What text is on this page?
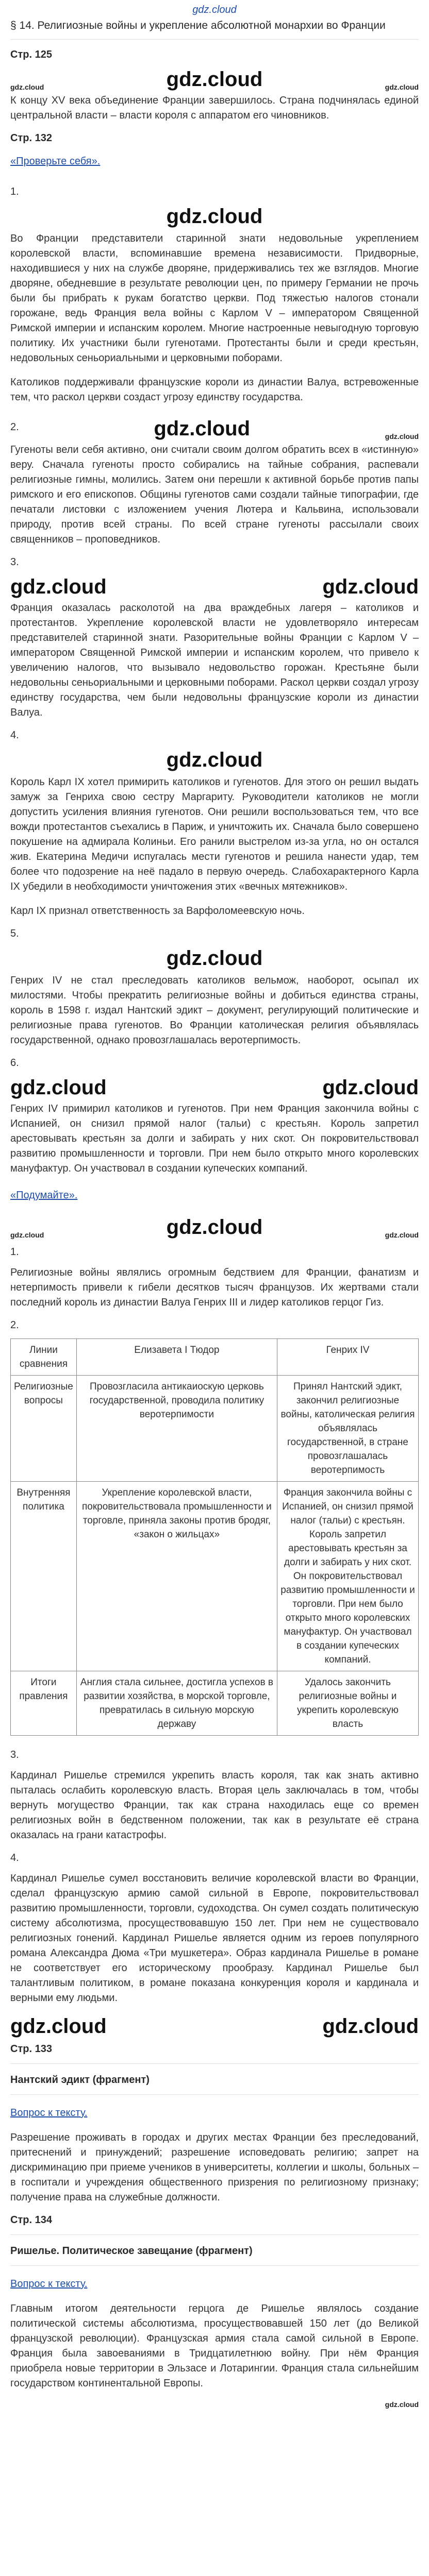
gdz.cloud
§ 14. Религиозные войны и укрепление абсолютной монархии во Франции
Стр. 125
gdz.cloud	gdz.cloud	gdz.cloud

К концу XV века объединение Франции завершилось. Страна подчинялась единой центральной власти – власти короля с аппаратом его чиновников.

Стр. 132
«Проверьте себя».
1.
gdz.cloud

Во Франции представители старинной знати недовольные укреплением королевской власти, вспоминавшие времена независимости. Придворные, находившиеся у них на службе дворяне, придерживались тех же взглядов. Многие дворяне, обедневшие в результате революции цен, по примеру Германии не прочь были бы прибрать к рукам богатство церкви. Под тяжестью налогов стонали горожане, ведь Франция вела войны с Карлом V – императором Священной Римской империи и испанским королем. Многие настроенные невыгодную торговую политику. Их участники были гугенотами. Протестанты были и среди крестьян, недовольных сеньориальными и церковными поборами.

Католиков поддерживали французские короли из династии Валуа, встревоженные тем, что раскол церкви создаст угрозу единству государства.

2.	gdz.cloud	gdz.cloud

Гугеноты вели себя активно, они считали своим долгом обратить всех в «истинную» веру. Сначала гугеноты просто собирались на тайные собрания, распевали религиозные гимны, молились. Затем они перешли к активной борьбе против папы римского и его епископов. Общины гугенотов сами создали тайные типографии, где печатали листовки с изложением учения Лютера и Кальвина, использовали природу, против всей страны. По всей стране гугеноты рассылали своих священников – проповедников.

3.
gdz.cloud	gdz.cloud

Франция оказалась расколотой на два враждебных лагеря – католиков и протестантов. Укрепление королевской власти не удовлетворяло интересам представителей старинной знати. Разорительные войны Франции с Карлом V – императором Священной Римской империи и испанским королем, что привело к увеличению налогов, что вызывало недовольство горожан. Крестьяне были недовольны сеньориальными и церковными поборами. Раскол церкви создал угрозу единству государства, чем были недовольны французские короли из династии Валуа.

4.
gdz.cloud

Король Карл IX хотел примирить католиков и гугенотов. Для этого он решил выдать замуж за Генриха свою сестру Маргариту. Руководители католиков не могли допустить усиления влияния гугенотов. Они решили воспользоваться тем, что все вожди протестантов съехались в Париж, и уничтожить их. Сначала было совершено покушение на адмирала Колиньи. Его ранили выстрелом из-за угла, но он остался жив. Екатерина Медичи испугалась мести гугенотов и решила нанести удар, тем более что подозрение на неё падало в первую очередь. Слабохарактерного Карла IX убедили в необходимости уничтожения этих «вечных мятежников».

Карл IX признал ответственность за Варфоломеевскую ночь.

5.
gdz.cloud

Генрих IV не стал преследовать католиков вельмож, наоборот, осыпал их милостями. Чтобы прекратить религиозные войны и добиться единства страны, король в 1598 г. издал Нантский эдикт – документ, регулирующий политические и религиозные права гугенотов. Во Франции католическая религия объявлялась государственной, однако провозглашалась веротерпимость.

6.
gdz.cloud	gdz.cloud

Генрих IV примирил католиков и гугенотов. При нем Франция закончила войны с Испанией, он снизил прямой налог (тальи) с крестьян. Король запретил арестовывать крестьян за долги и забирать у них скот. Он покровительствовал развитию промышленности и торговли. При нем было открыто много королевских мануфактур. Он участвовал в создании купеческих компаний.

«Подумайте».
gdz.cloud	gdz.cloud	gdz.cloud
1.

Религиозные войны являлись огромным бедствием для Франции, фанатизм и нетерпимость привели к гибели десятков тысяч французов. Их жертвами стали последний король из династии Валуа Генрих III и лидер католиков герцог Гиз.

2.
Линии сравнения	Елизавета I Тюдор	Генрих IV
Религиозные вопросы	Провозгласила антикаиоскую церковь государственной, проводила политику веротерпимости	Принял Нантский эдикт, закончил религиозные войны, католическая религия объявлялась государственной, в стране провозглашалась веротерпимость
Внутренняя политика	Укрепление королевской власти, покровительствовала промышленности и торговле, приняла законы против бродяг, «закон о жильцах»	Франция закончила войны с Испанией, он снизил прямой налог (тальи) с крестьян. Король запретил арестовывать крестьян за долги и забирать у них скот. Он покровительствовал развитию промышленности и торговли. При нем было открыто много королевских мануфактур. Он участвовал в создании купеческих компаний.
Итоги правления	Англия стала сильнее, достигла успехов в развитии хозяйства, в морской торговле, превратилась в сильную морскую державу	Удалось закончить религиозные войны и укрепить королевскую власть
3.

Кардинал Ришелье стремился укрепить власть короля, так как знать активно пыталась ослабить королевскую власть. Вторая цель заключалась в том, чтобы вернуть могущество Франции, так как страна находилась еще со времен религиозных войн в бедственном положении, так как в результате её страна оказалась на грани катастрофы.

4.

Кардинал Ришелье сумел восстановить величие королевской власти во Франции, сделал французскую армию самой сильной в Европе, покровительствовал развитию промышленности, торговли, судоходства. Он сумел создать политическую систему абсолютизма, просуществовавшую 150 лет. При нем не существовало религиозных гонений. Кардинал Ришелье является одним из героев популярного романа Александра Дюма «Три мушкетера». Образ кардинала Ришелье в романе не соответствует его историческому прообразу. Кардинал Ришелье был талантливым политиком, в романе показана конкуренция короля и кардинала и верными ему людьми.

gdz.cloud	gdz.cloud
Стр. 133
Нантский эдикт (фрагмент)
Вопрос к тексту.

Разрешение проживать в городах и других местах Франции без преследований, притеснений и принуждений; разрешение исповедовать религию; запрет на дискриминацию при приеме учеников в университеты, коллегии и школы, больных – в госпитали и учреждения общественного призрения по религиозному признаку; получение права на служебные должности.

Стр. 134
Ришелье. Политическое завещание (фрагмент)
Вопрос к тексту.

Главным итогом деятельности герцога де Ришелье являлось создание политической системы абсолютизма, просуществовавшей 150 лет (до Великой французской революции). Французская армия стала самой сильной в Европе. Франция была завоеваниями в Тридцатилетнюю войну. При нём Франция приобрела новые территории в Эльзасе и Лотарингии. Франция стала сильнейшим государством континентальной Европы.

gdz.cloud
